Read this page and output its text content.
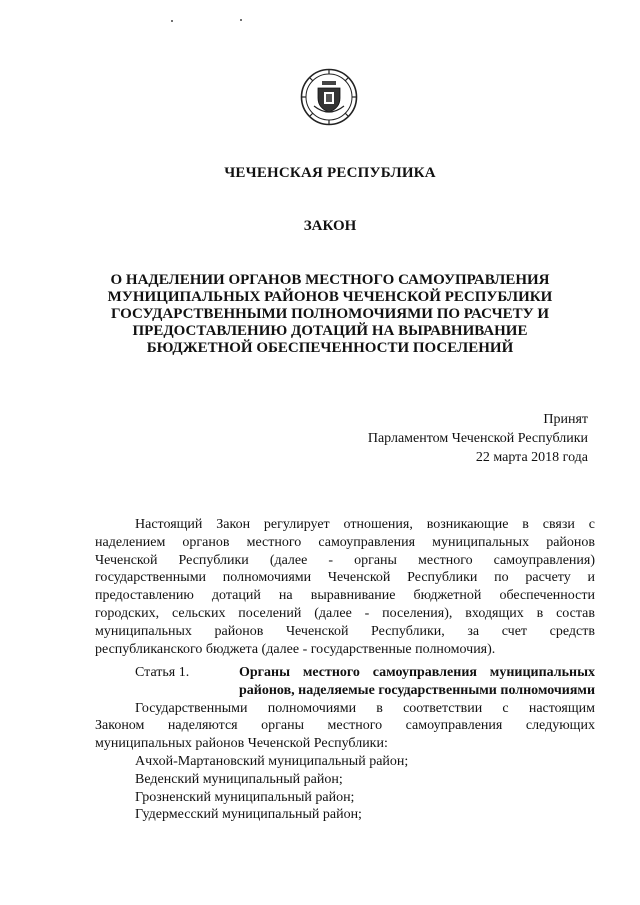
ЧЕЧЕНСКАЯ РЕСПУБЛИКА
ЗАКОН
О НАДЕЛЕНИИ ОРГАНОВ МЕСТНОГО САМОУПРАВЛЕНИЯ
МУНИЦИПАЛЬНЫХ РАЙОНОВ ЧЕЧЕНСКОЙ РЕСПУБЛИКИ
ГОСУДАРСТВЕННЫМИ ПОЛНОМОЧИЯМИ ПО РАСЧЕТУ И
ПРЕДОСТАВЛЕНИЮ ДОТАЦИЙ НА ВЫРАВНИВАНИЕ
БЮДЖЕТНОЙ ОБЕСПЕЧЕННОСТИ ПОСЕЛЕНИЙ
Принят
Парламентом Чеченской Республики
22 марта 2018 года
Настоящий Закон регулирует отношения, возникающие в связи с
наделением органов местного самоуправления муниципальных районов
Чеченской Республики (далее - органы местного самоуправления)
государственными полномочиями Чеченской Республики по расчету и
предоставлению дотаций на выравнивание бюджетной обеспеченности
городских, сельских поселений (далее - поселения), входящих в состав
муниципальных районов Чеченской Республики, за счет средств
республиканского бюджета (далее - государственные полномочия).
Статья 1.	Органы местного самоуправления муниципальных
районов, наделяемые государственными полномочиями
Государственными полномочиями в соответствии с настоящим
Законом наделяются органы местного самоуправления следующих
муниципальных районов Чеченской Республики:
Ачхой-Мартановский муниципальный район;
Веденский муниципальный район;
Грозненский муниципальный район;
Гудермесский муниципальный район;
